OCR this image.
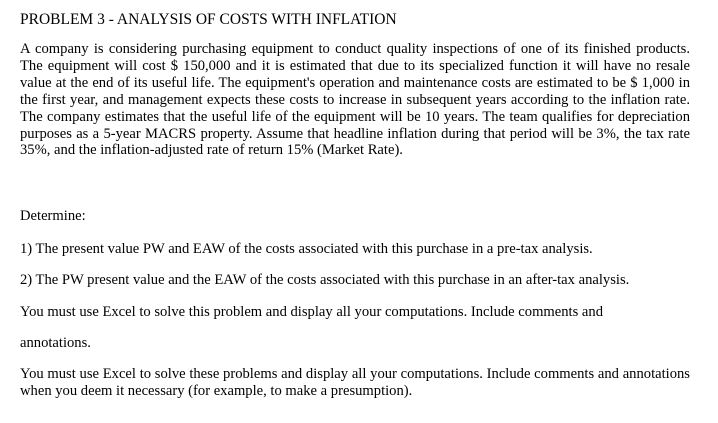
PROBLEM 3 - ANALYSIS OF COSTS WITH INFLATION
A company is considering purchasing equipment to conduct quality inspections of one of its finished products. The equipment will cost $ 150,000 and it is estimated that due to its specialized function it will have no resale value at the end of its useful life. The equipment's operation and maintenance costs are estimated to be $ 1,000 in the first year, and management expects these costs to increase in subsequent years according to the inflation rate. The company estimates that the useful life of the equipment will be 10 years. The team qualifies for depreciation purposes as a 5-year MACRS property. Assume that headline inflation during that period will be 3%, the tax rate 35%, and the inflation-adjusted rate of return 15% (Market Rate).
Determine:
1) The present value PW and EAW of the costs associated with this purchase in a pre-tax analysis.
2) The PW present value and the EAW of the costs associated with this purchase in an after-tax analysis.
You must use Excel to solve this problem and display all your computations. Include comments and
annotations.
You must use Excel to solve these problems and display all your computations. Include comments and annotations when you deem it necessary (for example, to make a presumption).
